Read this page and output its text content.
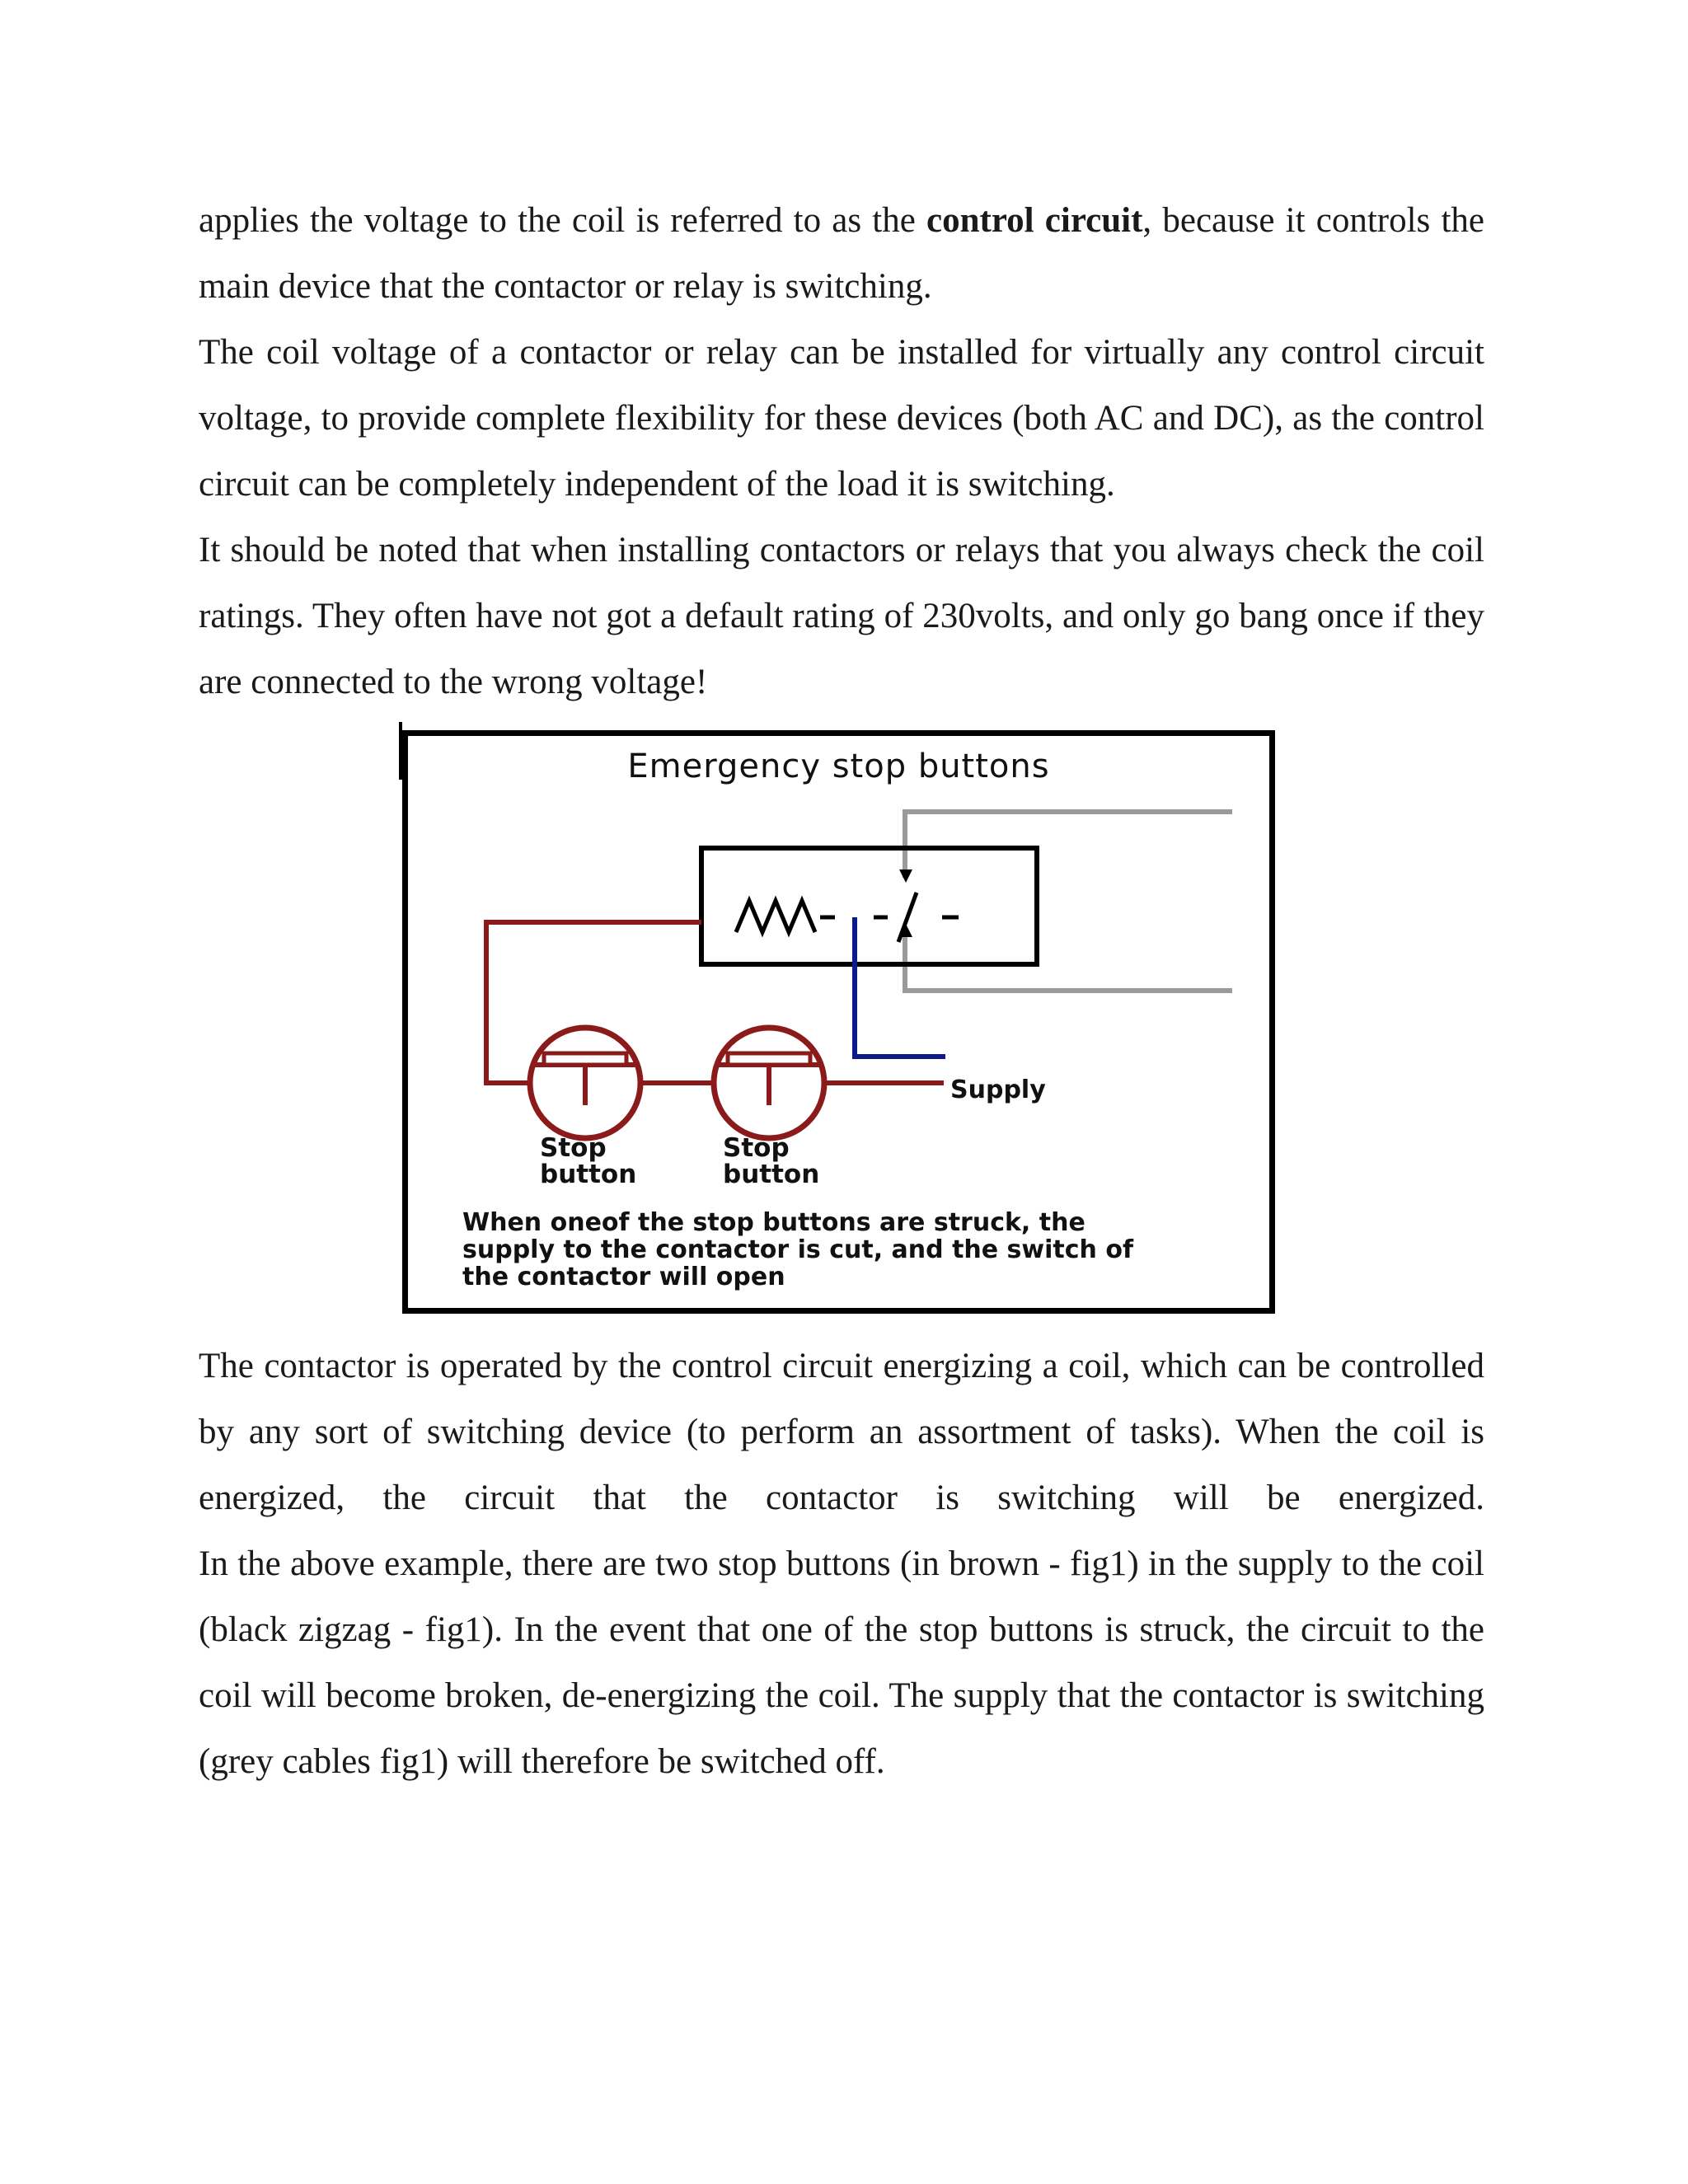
applies the voltage to the coil is referred to as the control circuit, because it controls the main device that the contactor or relay is switching.

The coil voltage of a contactor or relay can be installed for virtually any control circuit voltage, to provide complete flexibility for these devices (both AC and DC), as the control circuit can be completely independent of the load it is switching.

It should be noted that when installing contactors or relays that you always check the coil ratings. They often have not got a default rating of 230volts, and only go bang once if they are connected to the wrong voltage!

Emergency stop buttons
Supply
Stop
button
Stop
button
When oneof the stop buttons are struck, the
supply to the contactor is cut, and the switch of
the contactor will open

The contactor is operated by the control circuit energizing a coil, which can be controlled by any sort of switching device (to perform an assortment of tasks). When the coil is energized, the circuit that the contactor is switching will be energized.

In the above example, there are two stop buttons (in brown - fig1) in the supply to the coil (black zigzag - fig1). In the event that one of the stop buttons is struck, the circuit to the coil will become broken, de-energizing the coil. The supply that the contactor is switching (grey cables fig1) will therefore be switched off.
